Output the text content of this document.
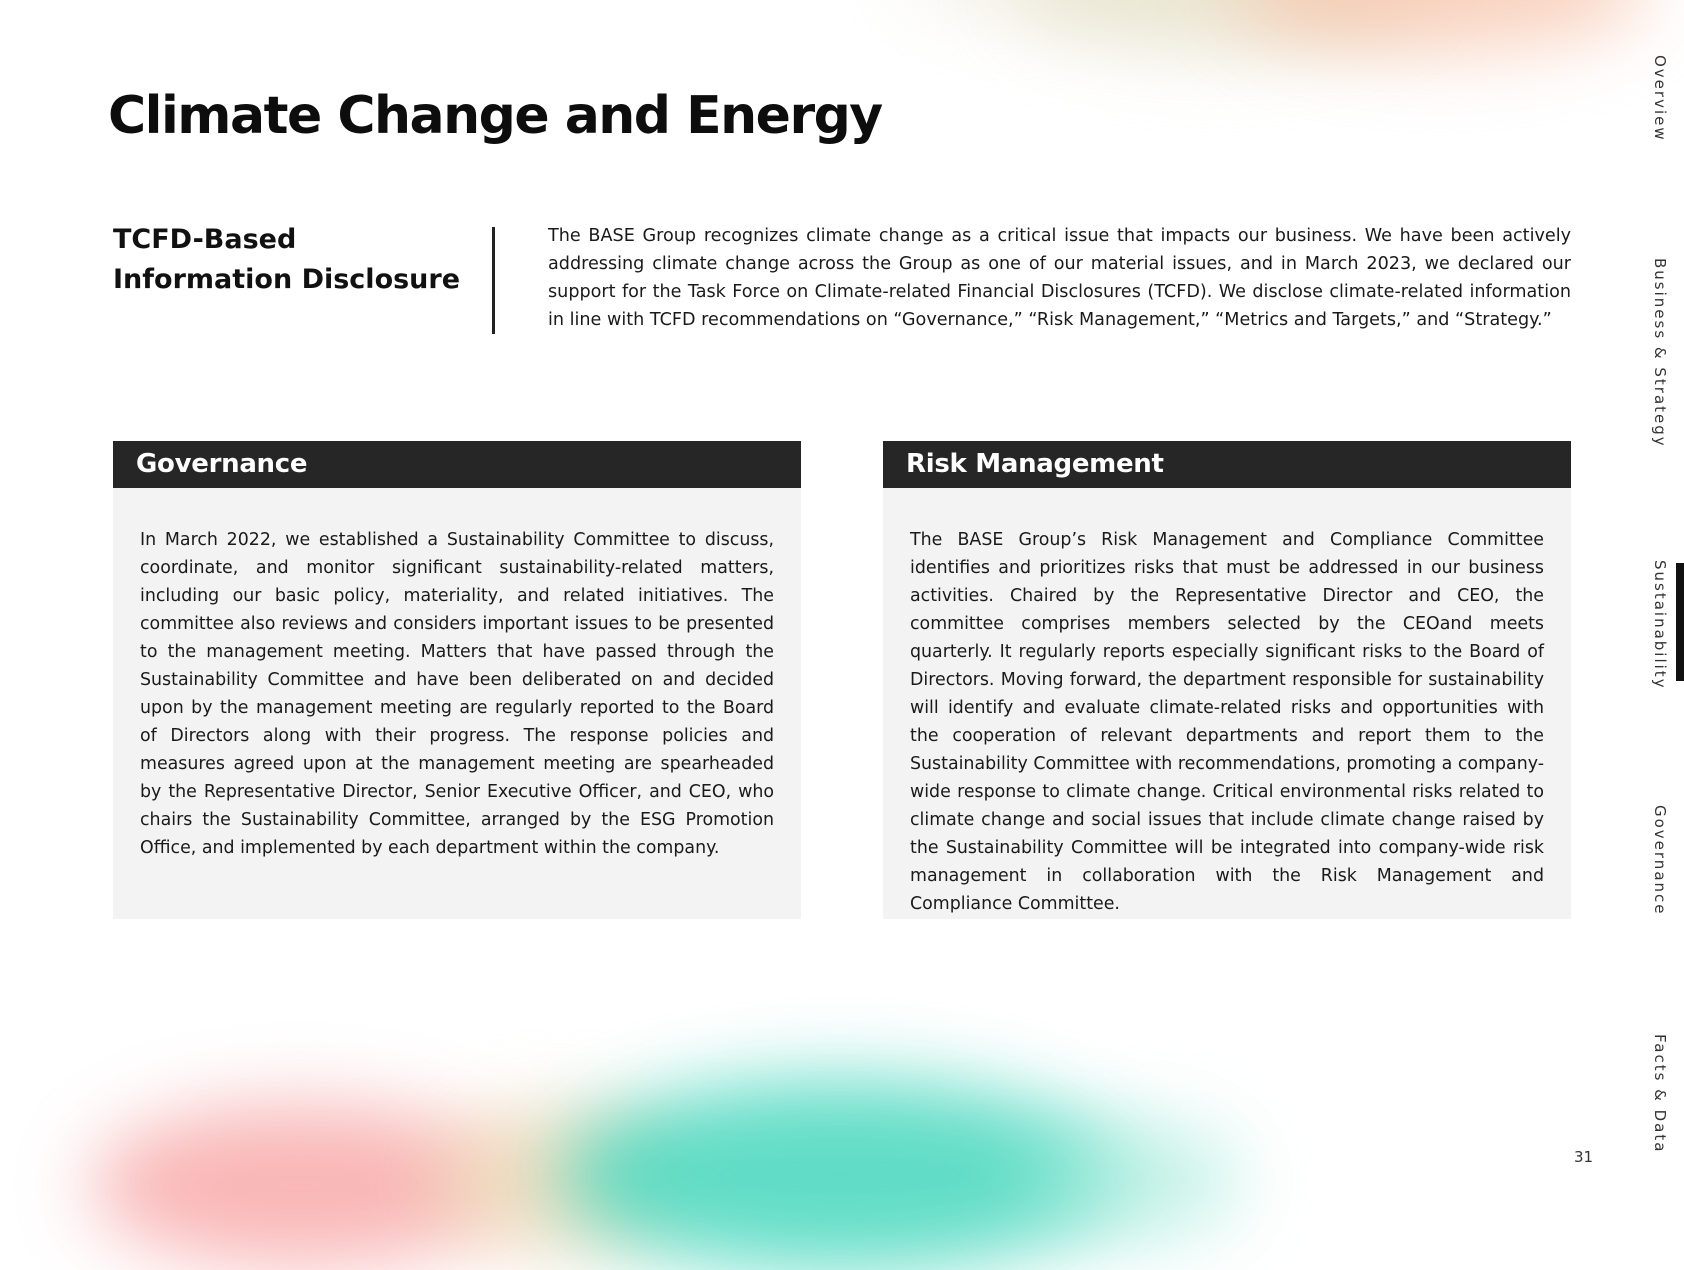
Climate Change and Energy
TCFD-Based Information Disclosure

The BASE Group recognizes climate change as a critical issue that impacts our business. We have been actively addressing climate change across the Group as one of our material issues, and in March 2023, we declared our support for the Task Force on Climate-related Financial Disclosures (TCFD). We disclose climate-related information in line with TCFD recommendations on “Governance,” “Risk Management,” “Metrics and Targets,” and “Strategy.”

Governance

In March 2022, we established a Sustainability Committee to discuss, coordinate, and monitor significant sustainability-related matters, including our basic policy, materiality, and related initiatives. The committee also reviews and considers important issues to be presented to the management meeting. Matters that have passed through the Sustainability Committee and have been deliberated on and decided upon by the management meeting are regularly reported to the Board of Directors along with their progress. The response policies and measures agreed upon at the management meeting are spearheaded by the Representative Director, Senior Executive Officer, and CEO, who chairs the Sustainability Committee, arranged by the ESG Promotion Office, and implemented by each department within the company.

Risk Management

The BASE Group’s Risk Management and Compliance Committee identifies and prioritizes risks that must be addressed in our business activities. Chaired by the Representative Director and CEO, the committee comprises members selected by the CEOand meets quarterly. It regularly reports especially significant risks to the Board of Directors. Moving forward, the department responsible for sustainability will identify and evaluate climate-related risks and opportunities with the cooperation of relevant departments and report them to the Sustainability Committee with recommendations, promoting a company-wide response to climate change. Critical environmental risks related to climate change and social issues that include climate change raised by the Sustainability Committee will be integrated into company-wide risk management in collaboration with the Risk Management and Compliance Committee.

Overview
Business & Strategy
Sustainability
Governance
Facts & Data
31
